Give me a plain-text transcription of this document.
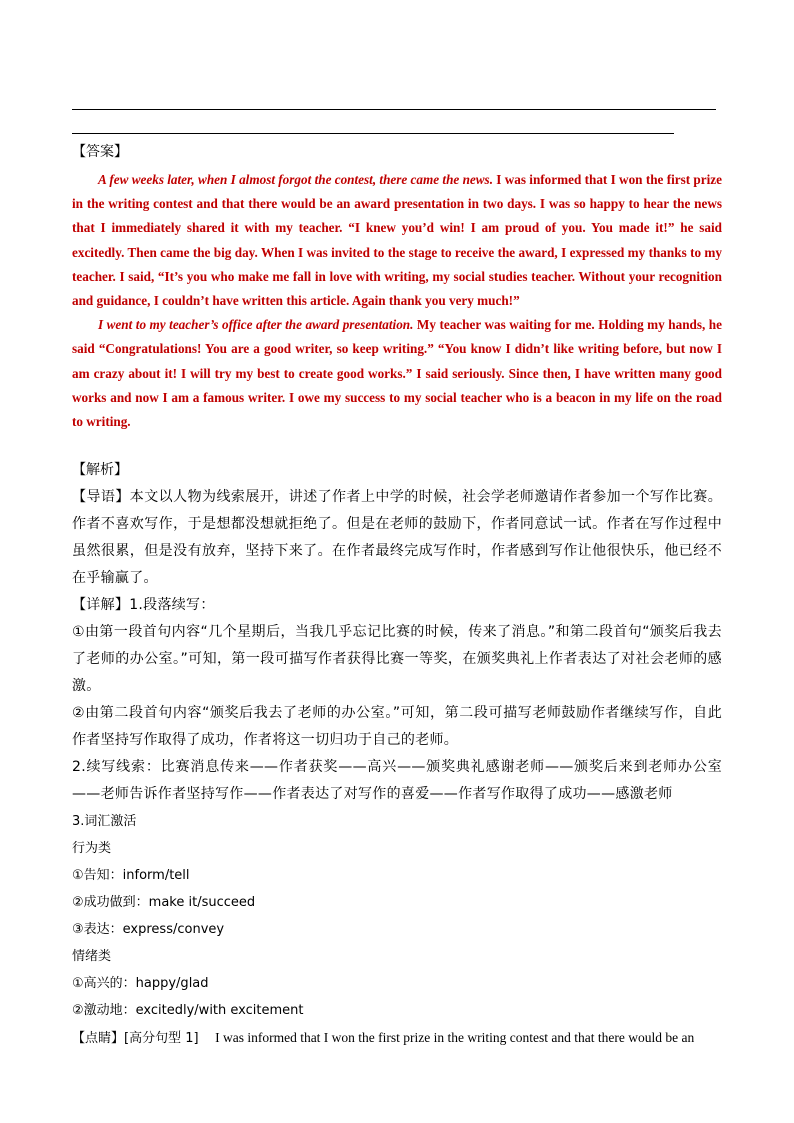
【答案】

A few weeks later, when I almost forgot the contest, there came the news. I was informed that I won the first prize in the writing contest and that there would be an award presentation in two days. I was so happy to hear the news that I immediately shared it with my teacher. “I knew you’d win! I am proud of you. You made it!” he said excitedly. Then came the big day. When I was invited to the stage to receive the award, I expressed my thanks to my teacher. I said, “It’s you who make me fall in love with writing, my social studies teacher. Without your recognition and guidance, I couldn’t have written this article. Again thank you very much!”

I went to my teacher’s office after the award presentation. My teacher was waiting for me. Holding my hands, he said “Congratulations! You are a good writer, so keep writing.” “You know I didn’t like writing before, but now I am crazy about it! I will try my best to create good works.” I said seriously. Since then, I have written many good works and now I am a famous writer. I owe my success to my social teacher who is a beacon in my life on the road to writing.

【解析】

【导语】本文以人物为线索展开，讲述了作者上中学的时候，社会学老师邀请作者参加一个写作比赛。作者不喜欢写作，于是想都没想就拒绝了。但是在老师的鼓励下，作者同意试一试。作者在写作过程中虽然很累，但是没有放弃，坚持下来了。在作者最终完成写作时，作者感到写作让他很快乐，他已经不在乎输赢了。

【详解】1.段落续写：

①由第一段首句内容“几个星期后，当我几乎忘记比赛的时候，传来了消息。”和第二段首句“颁奖后我去了老师的办公室。”可知，第一段可描写作者获得比赛一等奖，在颁奖典礼上作者表达了对社会老师的感激。

②由第二段首句内容“颁奖后我去了老师的办公室。”可知，第二段可描写老师鼓励作者继续写作，自此作者坚持写作取得了成功，作者将这一切归功于自己的老师。

2.续写线索：比赛消息传来——作者获奖——高兴——颁奖典礼感谢老师——颁奖后来到老师办公室——老师告诉作者坚持写作——作者表达了对写作的喜爱——作者写作取得了成功——感激老师

3.词汇激活

行为类

①告知：inform/tell

②成功做到：make it/succeed

③表达：express/convey

情绪类

①高兴的：happy/glad

②激动地：excitedly/with excitement

【点睛】[高分句型 1] I was informed that I won the first prize in the writing contest and that there would be an
